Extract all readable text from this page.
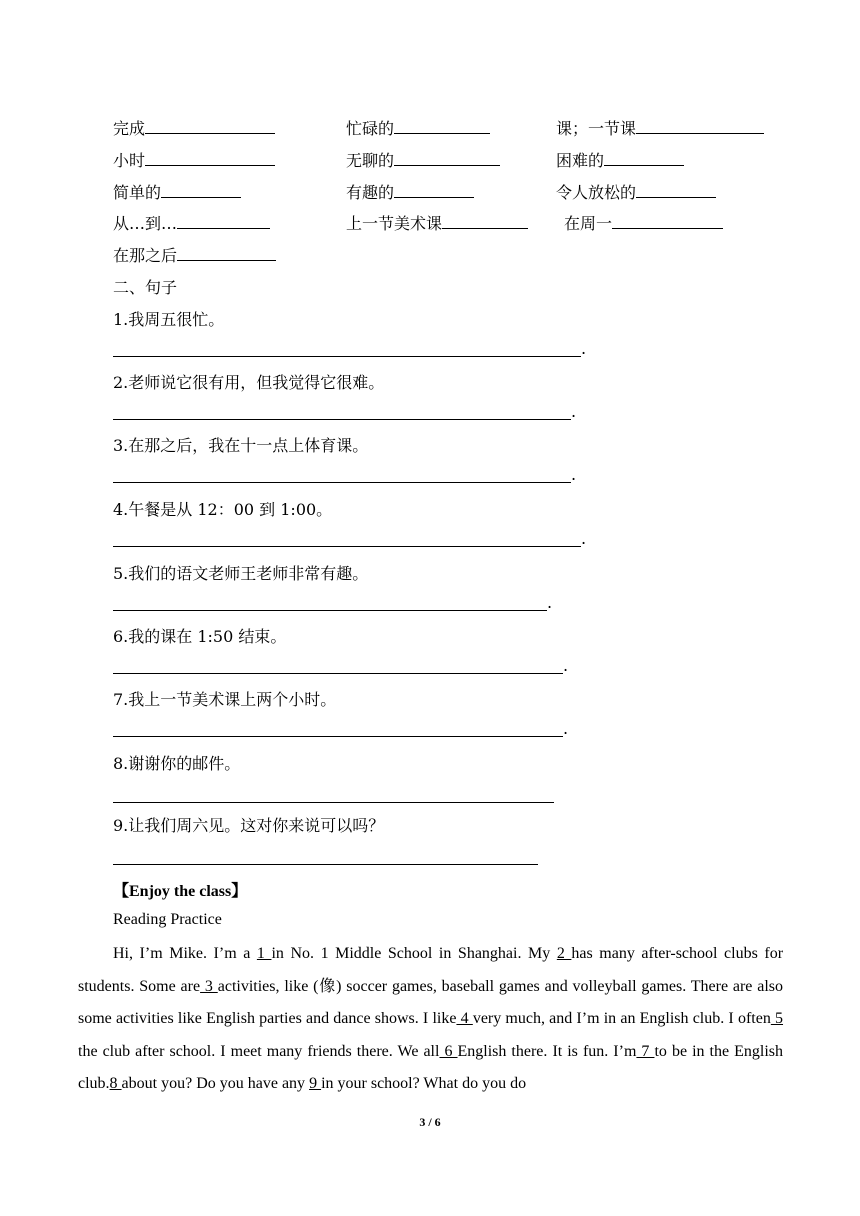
完成	忙碌的	课；一节课
小时	无聊的	困难的
简单的	有趣的	令人放松的
从…到…	上一节美术课	在周一
在那之后
二、句子
1.我周五很忙。
.
2.老师说它很有用，但我觉得它很难。
.
3.在那之后，我在十一点上体育课。
.
4.午餐是从 12：00 到 1:00。
.
5.我们的语文老师王老师非常有趣。
.
6.我的课在 1:50 结束。
.
7.我上一节美术课上两个小时。
.
8.谢谢你的邮件。
9.让我们周六见。这对你来说可以吗？
【Enjoy the class】
Reading Practice
Hi, I’m Mike. I’m a 1 in No. 1 Middle School in Shanghai. My 2 has many after-school clubs for students. Some are 3 activities, like (像) soccer games, baseball games and volleyball games. There are also some activities like English parties and dance shows. I like 4 very much, and I’m in an English club. I often 5 the club after school. I meet many friends there. We all 6 English there. It is fun. I’m 7 to be in the English club.8 about you? Do you have any 9 in your school? What do you do
3 / 6
